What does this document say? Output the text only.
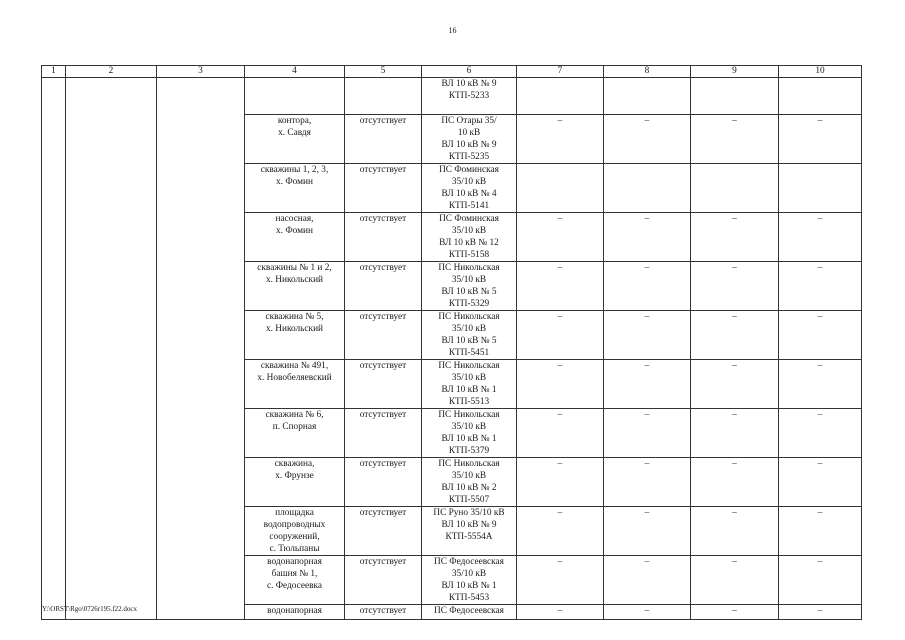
16
1	2	3	4	5	6	7	8	9	10

					ВЛ 10 кВ № 9
КТП-5233				

			контора,
х. Савдя	отсутствует	ПС Отары 35/
10 кВ
ВЛ 10 кВ № 9
КТП-5235	–	–	–	–

			скважины 1, 2, 3,
х. Фомин	отсутствует	ПС Фоминская
35/10 кВ
ВЛ 10 кВ № 4
КТП-5141				

			насосная,
х. Фомин	отсутствует	ПС Фоминская
35/10 кВ
ВЛ 10 кВ № 12
КТП-5158	–	–	–	–

			скважины № 1 и 2,
х. Никольский	отсутствует	ПС Никольская
35/10 кВ
ВЛ 10 кВ № 5
КТП-5329	–	–	–	–

			скважина № 5,
х. Никольский	отсутствует	ПС Никольская
35/10 кВ
ВЛ 10 кВ № 5
КТП-5451	–	–	–	–

			скважина № 491,
х. Новобеляевский	отсутствует	ПС Никольская
35/10 кВ
ВЛ 10 кВ № 1
КТП-5513	–	–	–	–

			скважина № 6,
п. Спорная	отсутствует	ПС Никольская
35/10 кВ
ВЛ 10 кВ № 1
КТП-5379	–	–	–	–

			скважина,
х. Фрунзе	отсутствует	ПС Никольская
35/10 кВ
ВЛ 10 кВ № 2
КТП-5507	–	–	–	–

			площадка
водопроводных
сооружений,
с. Тюльпаны	отсутствует	ПС Руно 35/10 кВ
ВЛ 10 кВ № 9
КТП-5554А	–	–	–	–

			водонапорная
башня № 1,
с. Федосеевка	отсутствует	ПС Федосеевская
35/10 кВ
ВЛ 10 кВ № 1
КТП-5453	–	–	–	–
			водонапорная	отсутствует	ПС Федосеевская	–	–	–	–
Y:\ORST\Rgo\0726r195.f22.docx
